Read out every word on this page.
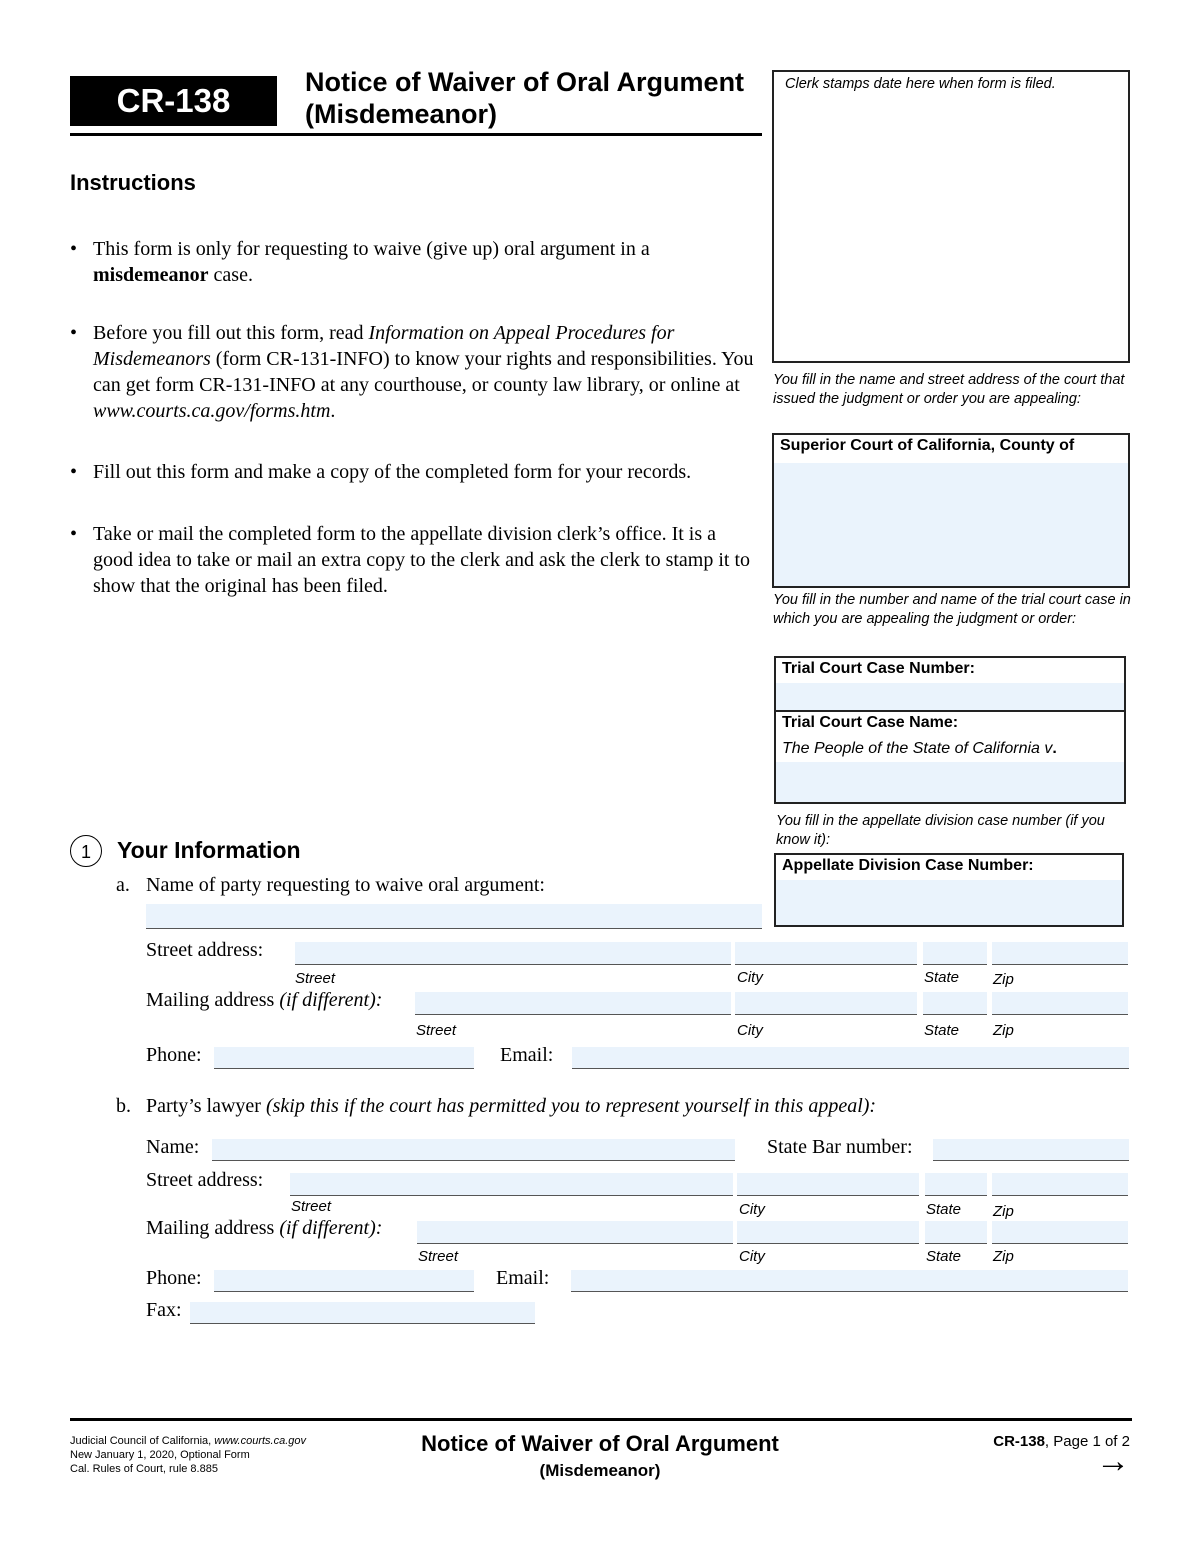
CR-138	Notice of Waiver of Oral Argument
(Misdemeanor)
Clerk stamps date here when form is filed.
Instructions
• This form is only for requesting to waive (give up) oral argument in a misdemeanor case.
• Before you fill out this form, read Information on Appeal Procedures for Misdemeanors (form CR-131-INFO) to know your rights and responsibilities. You can get form CR-131-INFO at any courthouse, or county law library, or online at www.courts.ca.gov/forms.htm.
• Fill out this form and make a copy of the completed form for your records.
• Take or mail the completed form to the appellate division clerk’s office. It is a good idea to take or mail an extra copy to the clerk and ask the clerk to stamp it to show that the original has been filed.
You fill in the name and street address of the court that issued the judgment or order you are appealing:
Superior Court of California, County of
You fill in the number and name of the trial court case in which you are appealing the judgment or order:
Trial Court Case Number:
Trial Court Case Name:
The People of the State of California v.
You fill in the appellate division case number (if you know it):
Appellate Division Case Number:
1	Your Information
a. Name of party requesting to waive oral argument:
Street address:
Street	City	State Zip
Mailing address (if different):
Street	City	State Zip
Phone:	Email:
b. Party’s lawyer (skip this if the court has permitted you to represent yourself in this appeal):
Name:	State Bar number:
Street address:
Street	City	State Zip
Mailing address (if different):
Street	City	State Zip
Phone:	Email:
Fax:
Judicial Council of California, www.courts.ca.gov
New January 1, 2020, Optional Form
Cal. Rules of Court, rule 8.885
Notice of Waiver of Oral Argument
(Misdemeanor)
CR-138, Page 1 of 2
→
